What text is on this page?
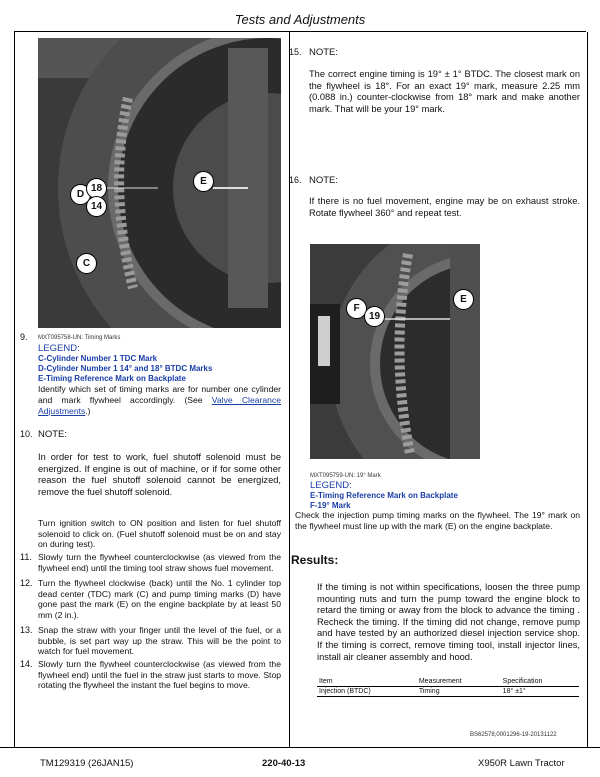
Tests and Adjustments
D
18
14
E
C
9. MXT095758-UN: Timing Marks
LEGEND:
C-Cylinder Number 1 TDC Mark
D-Cylinder Number 1 14° and 18° BTDC Marks
E-Timing Reference Mark on Backplate
Identify which set of timing marks are for number one cylinder and mark flywheel accordingly. (See Valve Clearance Adjustments.)
10. NOTE:
In order for test to work, fuel shutoff solenoid must be energized. If engine is out of machine, or if for some other reason the fuel shutoff solenoid cannot be energized, remove the fuel shutoff solenoid.
Turn ignition switch to ON position and listen for fuel shutoff solenoid to click on. (Fuel shutoff solenoid must be on and stay on during test).
11. Slowly turn the flywheel counterclockwise (as viewed from the flywheel end) until the timing tool straw shows fuel movement.
12. Turn the flywheel clockwise (back) until the No. 1 cylinder top dead center (TDC) mark (C) and pump timing marks (D) have gone past the mark (E) on the engine backplate by at least 50 mm (2 in.).
13. Snap the straw with your finger until the level of the fuel, or a bubble, is set part way up the straw. This will be the point to watch for fuel movement.
14. Slowly turn the flywheel counterclockwise (as viewed from the flywheel end) until the fuel in the straw just starts to move. Stop rotating the flywheel the instant the fuel begins to move.
15. NOTE:
The correct engine timing is 19° ± 1° BTDC. The closest mark on the flywheel is 18°. For an exact 19° mark, measure 2.25 mm (0.088 in.) counter-clockwise from 18° mark and make another mark. That will be your 19° mark.
16. NOTE:
If there is no fuel movement, engine may be on exhaust stroke. Rotate flywheel 360° and repeat test.
F
19
E
MXT095759-UN: 19° Mark
LEGEND:
E-Timing Reference Mark on Backplate
F-19° Mark
Check the injection pump timing marks on the flywheel. The 19° mark on the flywheel must line up with the mark (E) on the engine backplate.
Results:
If the timing is not within specifications, loosen the three pump mounting nuts and turn the pump toward the engine block to retard the timing or away from the block to advance the timing . Recheck the timing. If the timing did not change, remove pump and have tested by an authorized diesel injection service shop. If the timing is correct, remove timing tool, install injector lines, install air cleaner assembly and hood.
Item	Measurement	Specification
Injection (BTDC)	Timing	18° ±1°
BS62578,0001296-19-20131122
TM129319 (26JAN15)	220-40-13	X950R Lawn Tractor
